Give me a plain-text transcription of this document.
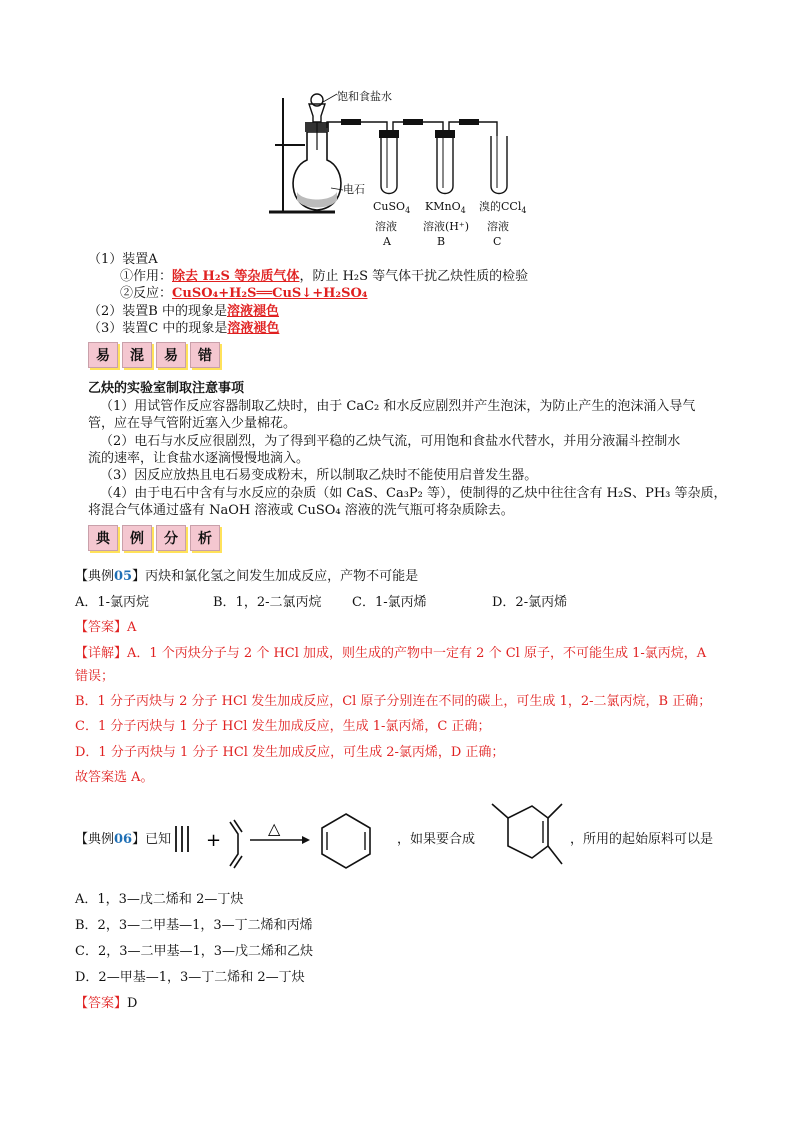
饱和食盐水
电石
CuSO$_4$
溶液
A
KMnO$_4$
溶液(H⁺)
B
溴的CCl$_4$
溶液
C
（1）装置A
①作用：除去 H₂S 等杂质气体，防止 H₂S 等气体干扰乙炔性质的检验
②反应：CuSO₄+H₂S══CuS↓+H₂SO₄
（2）装置B 中的现象是溶液褪色
（3）装置C 中的现象是溶液褪色
易	混	易	错
乙炔的实验室制取注意事项
（1）用试管作反应容器制取乙炔时，由于 CaC₂ 和水反应剧烈并产生泡沫，为防止产生的泡沫涌入导气
管，应在导气管附近塞入少量棉花。
（2）电石与水反应很剧烈，为了得到平稳的乙炔气流，可用饱和食盐水代替水，并用分液漏斗控制水
流的速率，让食盐水逐滴慢慢地滴入。
（3）因反应放热且电石易变成粉末，所以制取乙炔时不能使用启普发生器。
（4）由于电石中含有与水反应的杂质（如 CaS、Ca₃P₂ 等），使制得的乙炔中往往含有 H₂S、PH₃ 等杂质，
将混合气体通过盛有 NaOH 溶液或 CuSO₄ 溶液的洗气瓶可将杂质除去。
典	例	分	析
【典例05】丙炔和氯化氢之间发生加成反应，产物不可能是
A．1-氯丙烷	B．1，2-二氯丙烷 C．1-氯丙烯	D．2-氯丙烯
【答案】A
【详解】A．1 个丙炔分子与 2 个 HCl 加成，则生成的产物中一定有 2 个 Cl 原子，不可能生成 1-氯丙烷，A
错误；
B．1 分子丙炔与 2 分子 HCl 发生加成反应，Cl 原子分别连在不同的碳上，可生成 1，2-二氯丙烷，B 正确；
C．1 分子丙炔与 1 分子 HCl 发生加成反应，生成 1-氯丙烯，C 正确；
D．1 分子丙炔与 1 分子 HCl 发生加成反应，可生成 2-氯丙烯，D 正确；
故答案选 A。
【典例06】已知 +
△
，如果要合成	，所用的起始原料可以是
A．1，3—戊二烯和 2—丁炔
B．2，3—二甲基—1，3—丁二烯和丙烯
C．2，3—二甲基—1，3—戊二烯和乙炔
D．2—甲基—1，3—丁二烯和 2—丁炔
【答案】D
